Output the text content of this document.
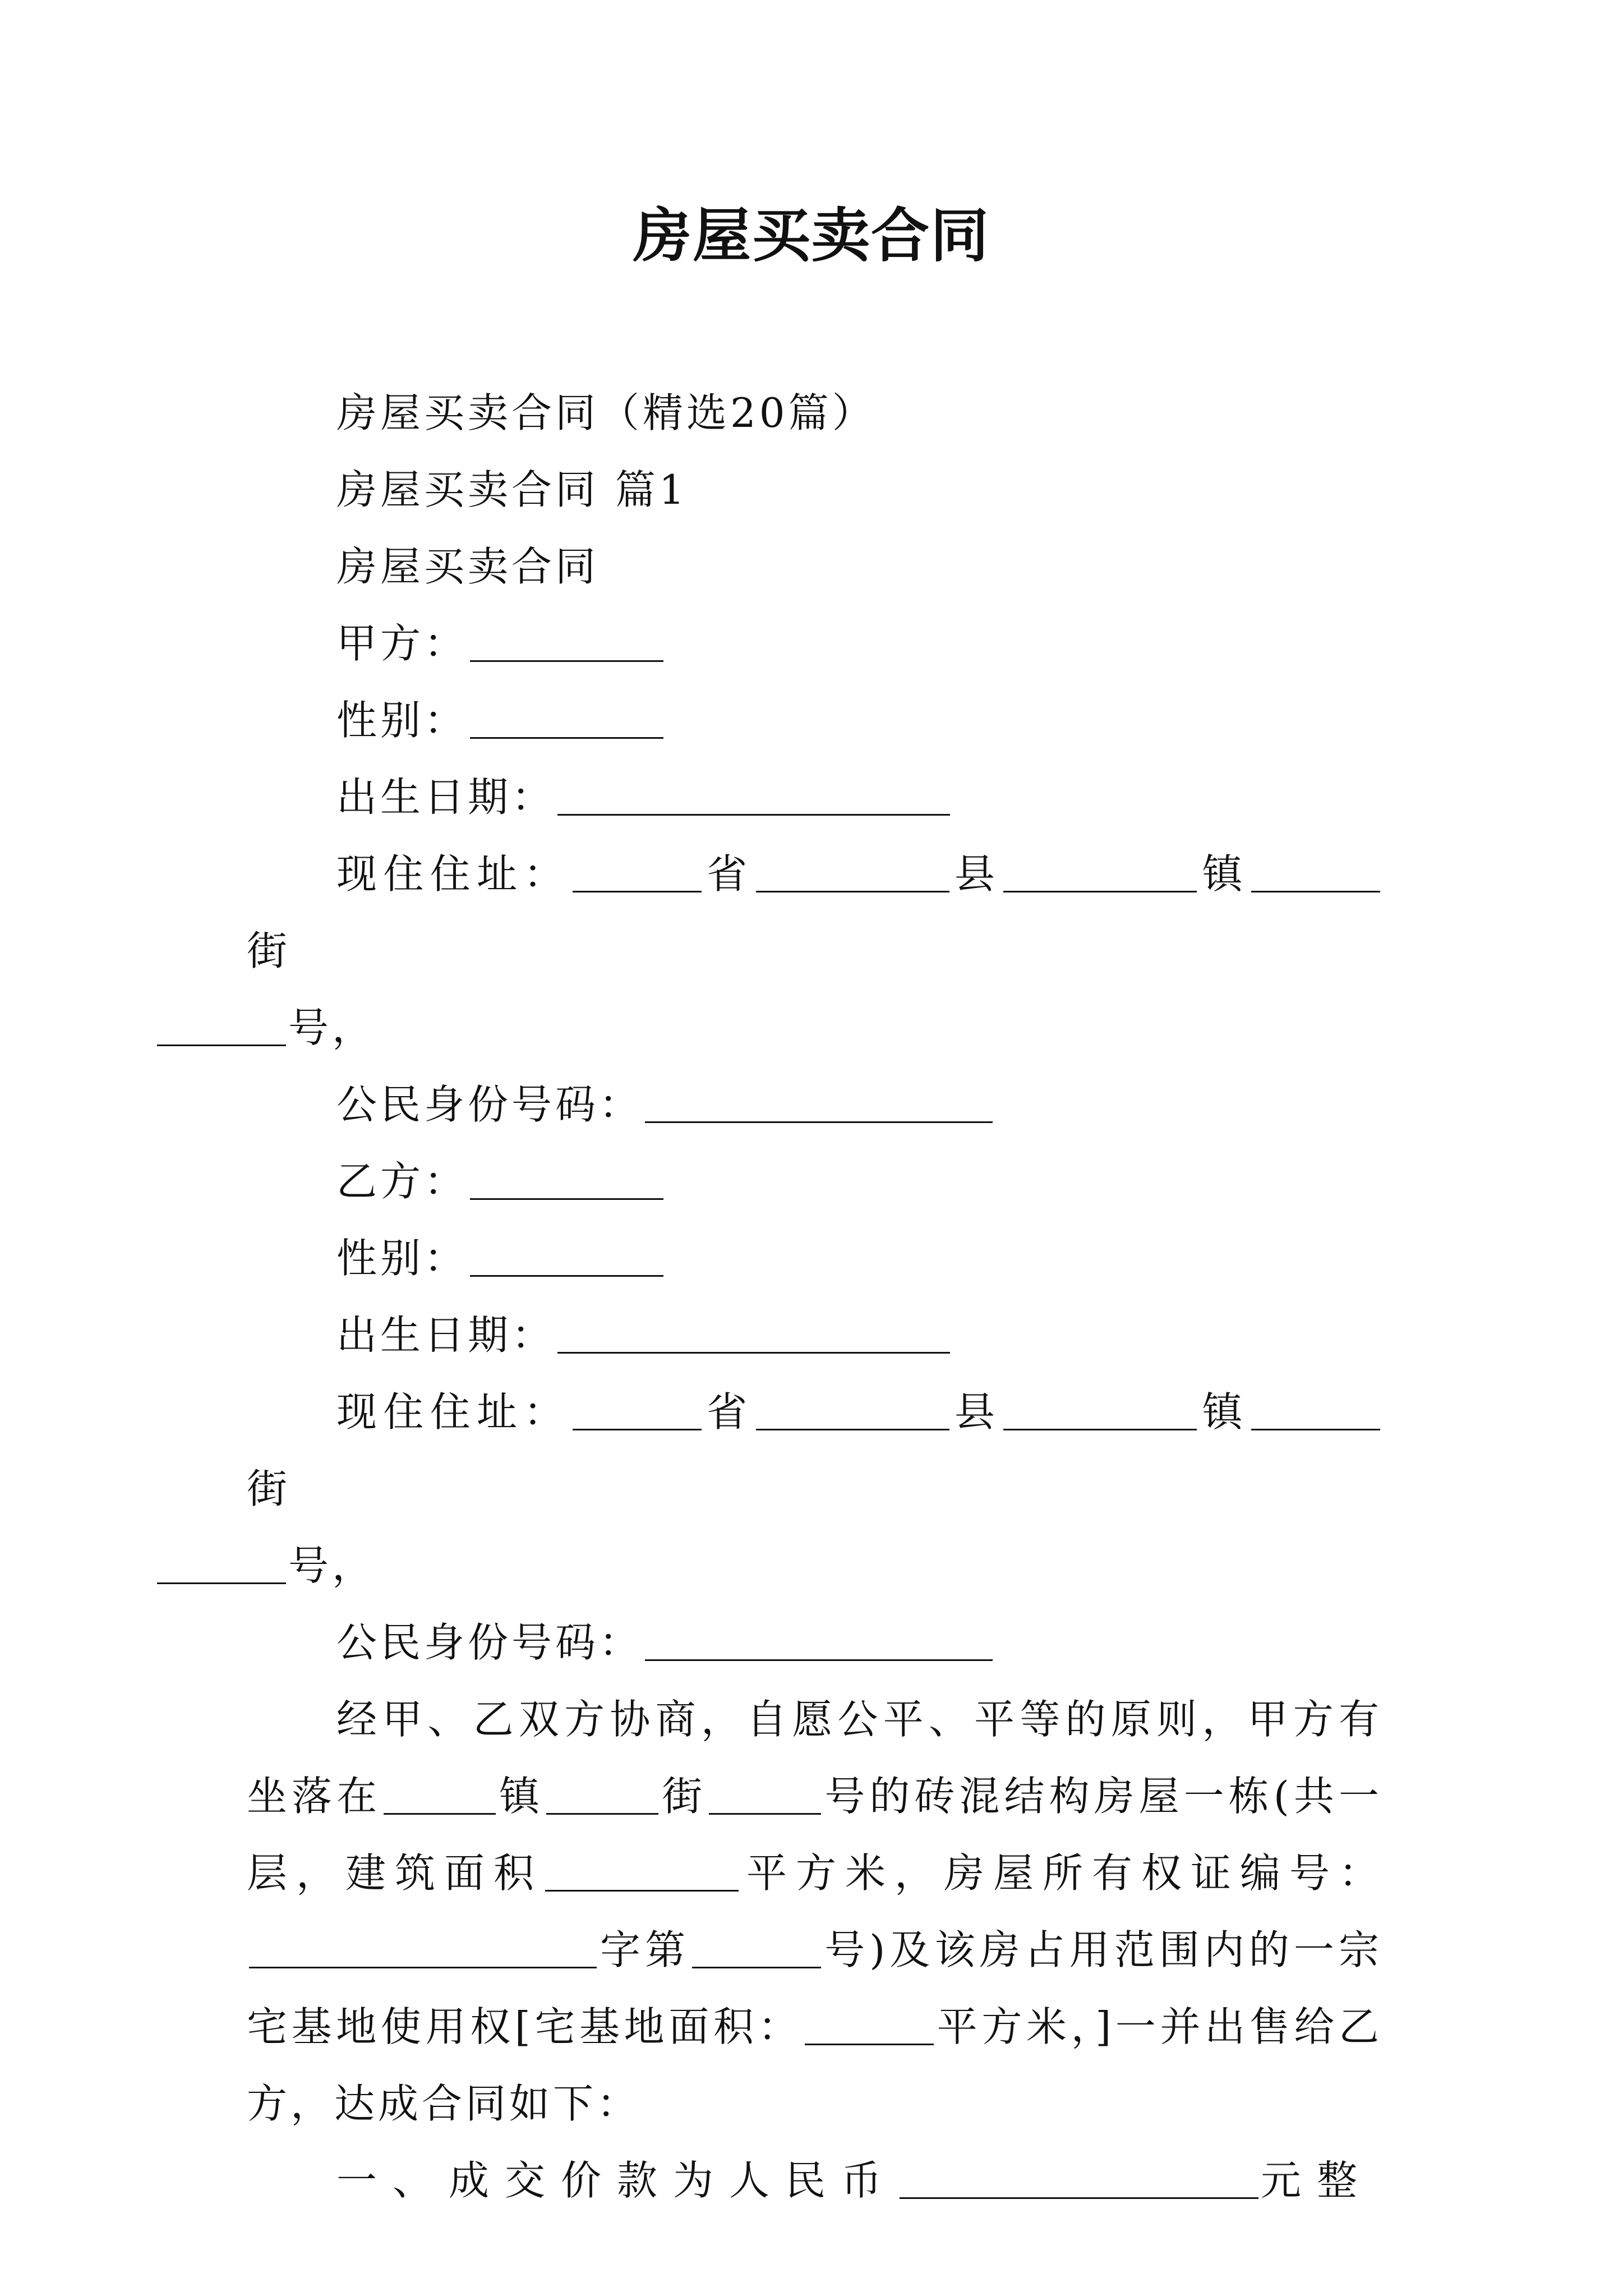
房屋买卖合同

房屋买卖合同（精选20篇）

房屋买卖合同 篇1

房屋买卖合同

甲方：

性别：

出生日期：

现住住址：	省	县	镇街
号，

公民身份号码：

乙方：

性别：

出生日期：

现住住址：	省	县	镇街
号，

公民身份号码：

经甲、乙双方协商，自愿公平、平等的原则，甲方有坐落在	镇	街	号的砖混结构房屋一栋(共一层，建筑面积	平方米，房屋所有权证编号：字第	号)及该房占用范围内的一宗宅基地使用权[宅基地面积：	平方米，]一并出售给乙方，达成合同如下：

一、成交价款为人民币	元整
